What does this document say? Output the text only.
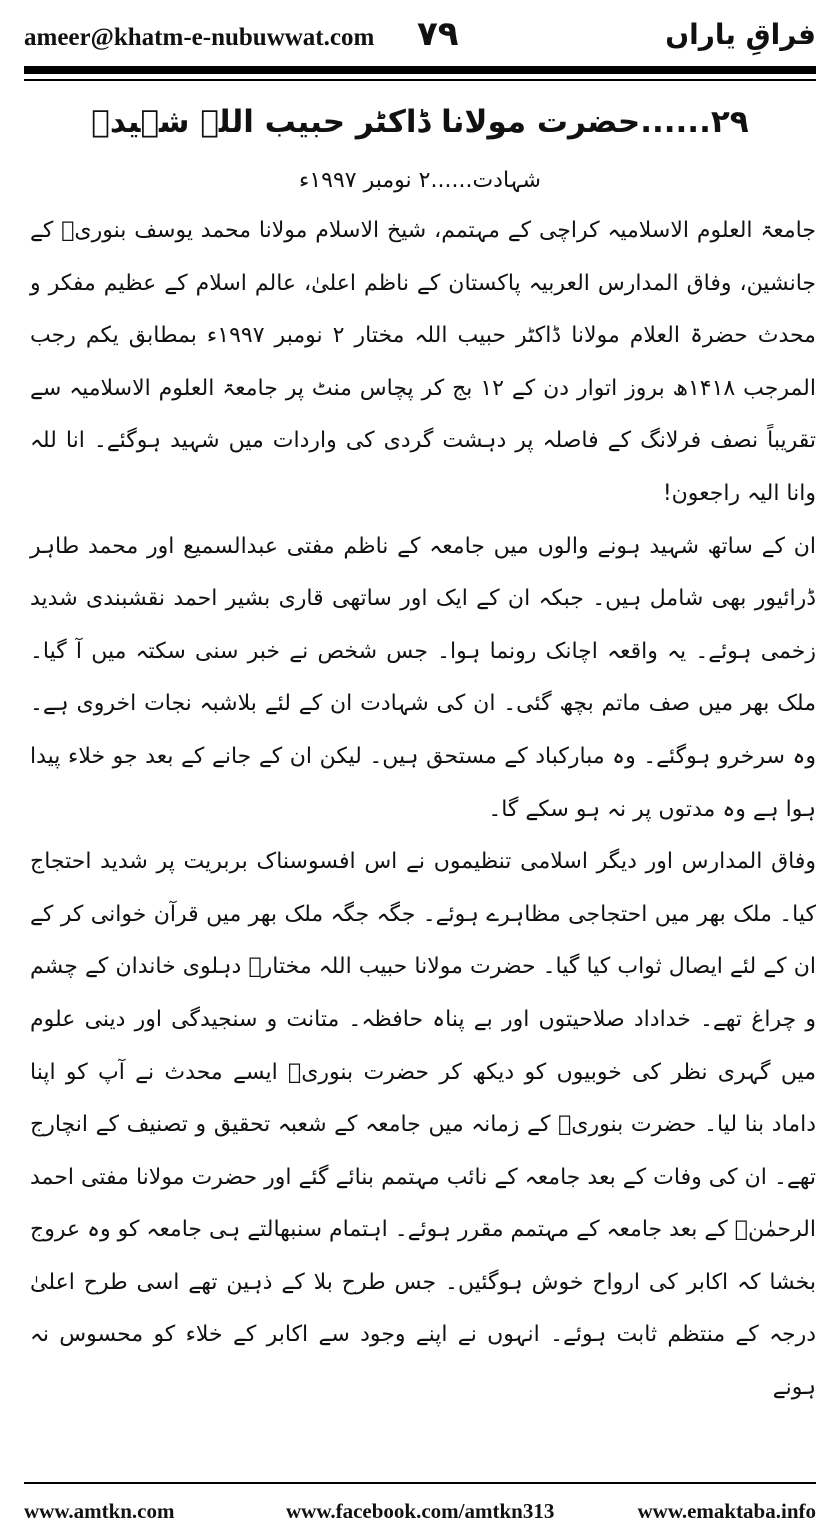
ameer@khatm-e-nubuwwat.com ۷۹	فراقِ یاراں
۲۹......حضرت مولانا ڈاکٹر حبیب اللہ شہیدؒ
شہادت......۲ نومبر ۱۹۹۷ء

جامعۃ العلوم الاسلامیہ کراچی کے مہتمم، شیخ الاسلام مولانا محمد یوسف بنوریؒ کے جانشین، وفاق المدارس العربیہ پاکستان کے ناظم اعلیٰ، عالم اسلام کے عظیم مفکر و محدث حضرۃ العلام مولانا ڈاکٹر حبیب اللہ مختار ۲ نومبر ۱۹۹۷ء بمطابق یکم رجب المرجب ۱۴۱۸ھ بروز اتوار دن کے ۱۲ بج کر پچاس منٹ پر جامعۃ العلوم الاسلامیہ سے تقریباً نصف فرلانگ کے فاصلہ پر دہشت گردی کی واردات میں شہید ہوگئے۔ انا للہ وانا الیہ راجعون!

ان کے ساتھ شہید ہونے والوں میں جامعہ کے ناظم مفتی عبدالسمیع اور محمد طاہر ڈرائیور بھی شامل ہیں۔ جبکہ ان کے ایک اور ساتھی قاری بشیر احمد نقشبندی شدید زخمی ہوئے۔ یہ واقعہ اچانک رونما ہوا۔ جس شخص نے خبر سنی سکتہ میں آ گیا۔ ملک بھر میں صف ماتم بچھ گئی۔ ان کی شہادت ان کے لئے بلاشبہ نجات اخروی ہے۔ وہ سرخرو ہوگئے۔ وہ مبارکباد کے مستحق ہیں۔ لیکن ان کے جانے کے بعد جو خلاء پیدا ہوا ہے وہ مدتوں پر نہ ہو سکے گا۔

وفاق المدارس اور دیگر اسلامی تنظیموں نے اس افسوسناک بربریت پر شدید احتجاج کیا۔ ملک بھر میں احتجاجی مظاہرے ہوئے۔ جگہ جگہ ملک بھر میں قرآن خوانی کر کے ان کے لئے ایصال ثواب کیا گیا۔ حضرت مولانا حبیب اللہ مختارؒ دہلوی خاندان کے چشم و چراغ تھے۔ خداداد صلاحیتوں اور بے پناہ حافظہ۔ متانت و سنجیدگی اور دینی علوم میں گہری نظر کی خوبیوں کو دیکھ کر حضرت بنوریؒ ایسے محدث نے آپ کو اپنا داماد بنا لیا۔ حضرت بنوریؒ کے زمانہ میں جامعہ کے شعبہ تحقیق و تصنیف کے انچارج تھے۔ ان کی وفات کے بعد جامعہ کے نائب مہتمم بنائے گئے اور حضرت مولانا مفتی احمد الرحمٰنؒ کے بعد جامعہ کے مہتمم مقرر ہوئے۔ اہتمام سنبھالتے ہی جامعہ کو وہ عروج بخشا کہ اکابر کی ارواح خوش ہوگئیں۔ جس طرح بلا کے ذہین تھے اسی طرح اعلیٰ درجہ کے منتظم ثابت ہوئے۔ انہوں نے اپنے وجود سے اکابر کے خلاء کو محسوس نہ ہونے

www.amtkn.com	www.facebook.com/amtkn313	www.emaktaba.info
